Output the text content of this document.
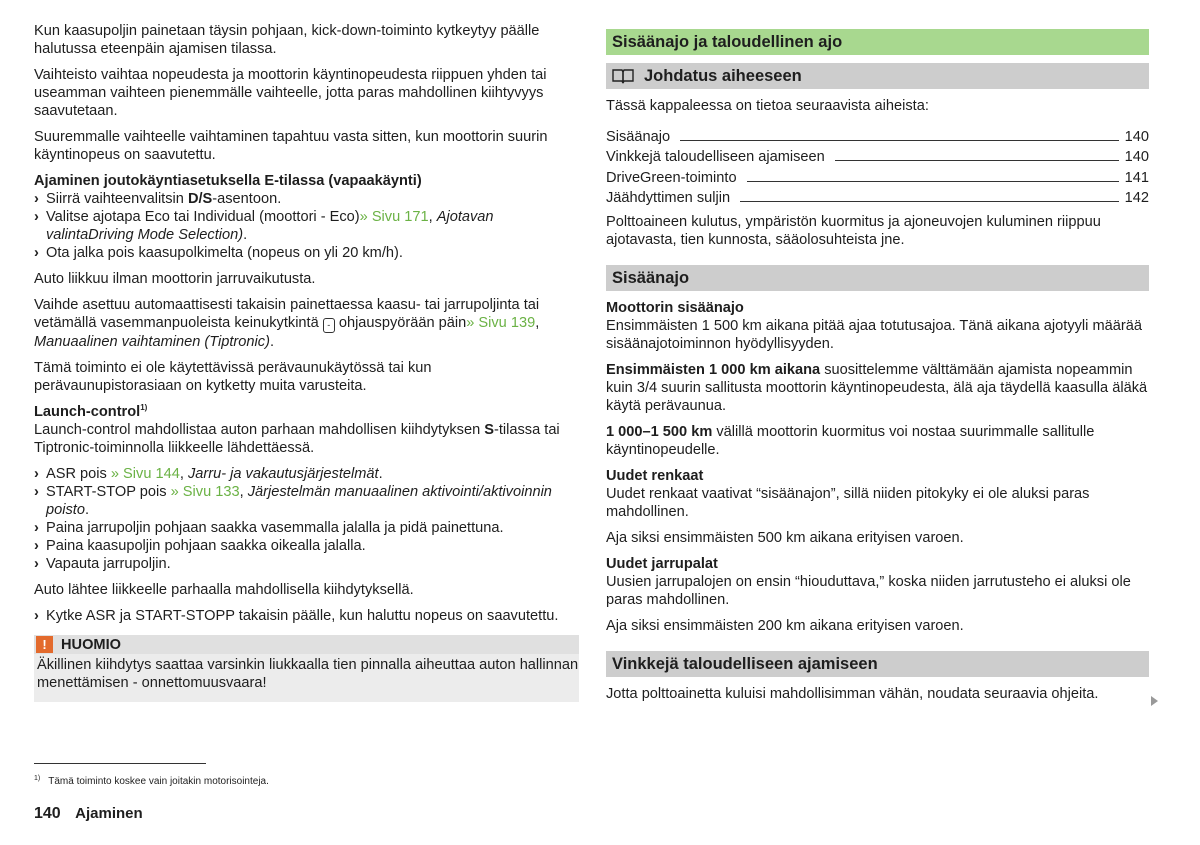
Kun kaasupoljin painetaan täysin pohjaan, kick-down-toiminto kytkeytyy päälle halutussa eteenpäin ajamisen tilassa.

Vaihteisto vaihtaa nopeudesta ja moottorin käyntinopeudesta riippuen yhden tai useamman vaihteen pienemmälle vaihteelle, jotta paras mahdollinen kiihtyvyys saavutetaan.

Suuremmalle vaihteelle vaihtaminen tapahtuu vasta sitten, kun moottorin suurin käyntinopeus on saavutettu.

Ajaminen joutokäyntiasetuksella E-tilassa (vapaakäynti)
› Siirrä vaihteenvalitsin D/S-asentoon.
› Valitse ajotapa Eco tai Individual (moottori - Eco)» Sivu 171, Ajotavan valintaDriving Mode Selection).
› Ota jalka pois kaasupolkimelta (nopeus on yli 20 km/h).

Auto liikkuu ilman moottorin jarruvaikutusta.

Vaihde asettuu automaattisesti takaisin painettaessa kaasu- tai jarrupoljinta tai vetämällä vasemmanpuoleista keinukytkintä - ohjauspyörään päin» Sivu 139, Manuaalinen vaihtaminen (Tiptronic).

Tämä toiminto ei ole käytettävissä perävaunukäytössä tai kun perävaunupistorasiaan on kytketty muita varusteita.

Launch-control$^{1)}$

Launch-control mahdollistaa auton parhaan mahdollisen kiihdytyksen S-tilassa tai Tiptronic-toiminnolla liikkeelle lähdettäessä.

› ASR pois » Sivu 144, Jarru- ja vakautusjärjestelmät.
› START-STOP pois » Sivu 133, Järjestelmän manuaalinen aktivointi/aktivoinnin poisto.
› Paina jarrupoljin pohjaan saakka vasemmalla jalalla ja pidä painettuna.
› Paina kaasupoljin pohjaan saakka oikealla jalalla.
› Vapauta jarrupoljin.

Auto lähtee liikkeelle parhaalla mahdollisella kiihdytyksellä.

› Kytke ASR ja START-STOPP takaisin päälle, kun haluttu nopeus on saavutettu.
! HUOMIO
Äkillinen kiihdytys saattaa varsinkin liukkaalla tien pinnalla aiheuttaa auton hallinnan menettämisen - onnettomuusvaara!
$^{1)}$ Tämä toiminto koskee vain joitakin motorisointeja.
140 Ajaminen
Sisäänajo ja taloudellinen ajo
Johdatus aiheeseen

Tässä kappaleessa on tietoa seuraavista aiheista:

Sisäänajo	140
Vinkkejä taloudelliseen ajamiseen	140
DriveGreen-toiminto	141
Jäähdyttimen suljin	142

Polttoaineen kulutus, ympäristön kuormitus ja ajoneuvojen kuluminen riippuu ajotavasta, tien kunnosta, sääolosuhteista jne.

Sisäänajo
Moottorin sisäänajo

Ensimmäisten 1 500 km aikana pitää ajaa totutusajoa. Tänä aikana ajotyyli määrää sisäänajotoiminnon hyödyllisyyden.

Ensimmäisten 1 000 km aikana suosittelemme välttämään ajamista nopeammin kuin 3/4 suurin sallitusta moottorin käyntinopeudesta, älä aja täydellä kaasulla äläkä käytä perävaunua.

1 000–1 500 km välillä moottorin kuormitus voi nostaa suurimmalle sallitulle käyntinopeudelle.

Uudet renkaat

Uudet renkaat vaativat “sisäänajon”, sillä niiden pitokyky ei ole aluksi paras mahdollinen.

Aja siksi ensimmäisten 500 km aikana erityisen varoen.

Uudet jarrupalat

Uusien jarrupalojen on ensin “hiouduttava,” koska niiden jarrutusteho ei aluksi ole paras mahdollinen.

Aja siksi ensimmäisten 200 km aikana erityisen varoen.

Vinkkejä taloudelliseen ajamiseen

Jotta polttoainetta kuluisi mahdollisimman vähän, noudata seuraavia ohjeita.
